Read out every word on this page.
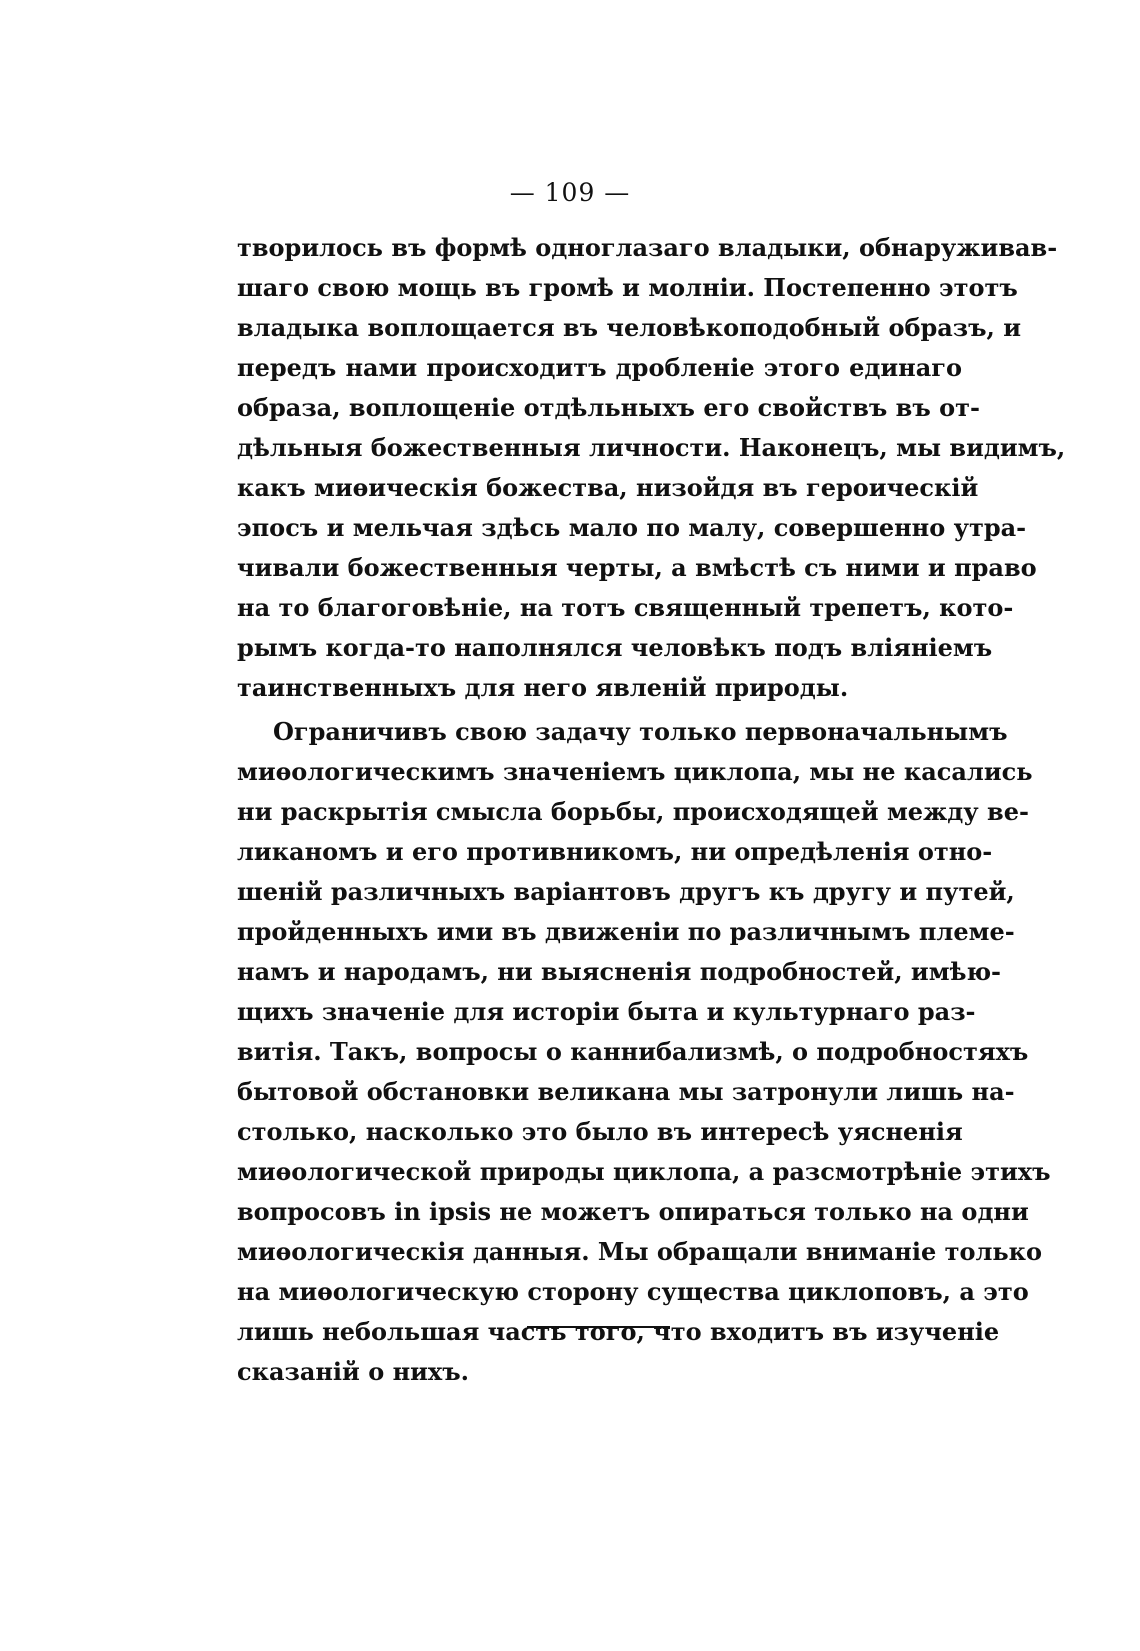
— 109 —
творилось въ формѣ одноглазаго владыки, обнаруживав-
шаго свою мощь въ громѣ и молніи. Постепенно этотъ
владыка воплощается въ человѣкоподобный образъ, и
передъ нами происходитъ дробленіе этого единаго
образа, воплощеніе отдѣльныхъ его свойствъ въ от-
дѣльныя божественныя личности. Наконецъ, мы видимъ,
какъ миѳическія божества, низойдя въ героическій
эпосъ и мельчая здѣсь мало по малу, совершенно утра-
чивали божественныя черты, а вмѣстѣ съ ними и право
на то благоговѣніе, на тотъ священный трепетъ, кото-
рымъ когда-то наполнялся человѣкъ подъ вліяніемъ
таинственныхъ для него явленій природы.
Ограничивъ свою задачу только первоначальнымъ
миѳологическимъ значеніемъ циклопа, мы не касались
ни раскрытія смысла борьбы, происходящей между ве-
ликаномъ и его противникомъ, ни опредѣленія отно-
шеній различныхъ варіантовъ другъ къ другу и путей,
пройденныхъ ими въ движеніи по различнымъ племе-
намъ и народамъ, ни выясненія подробностей, имѣю-
щихъ значеніе для исторіи быта и культурнаго раз-
витія. Такъ, вопросы о каннибализмѣ, о подробностяхъ
бытовой обстановки великана мы затронули лишь на-
столько, насколько это было въ интересѣ уясненія
миѳологической природы циклопа, а разсмотрѣніе этихъ
вопросовъ in ipsis не можетъ опираться только на одни
миѳологическія данныя. Мы обращали вниманіе только
на миѳологическую сторону существа циклоповъ, а это
лишь небольшая часть того, что входитъ въ изученіе
сказаній о нихъ.
